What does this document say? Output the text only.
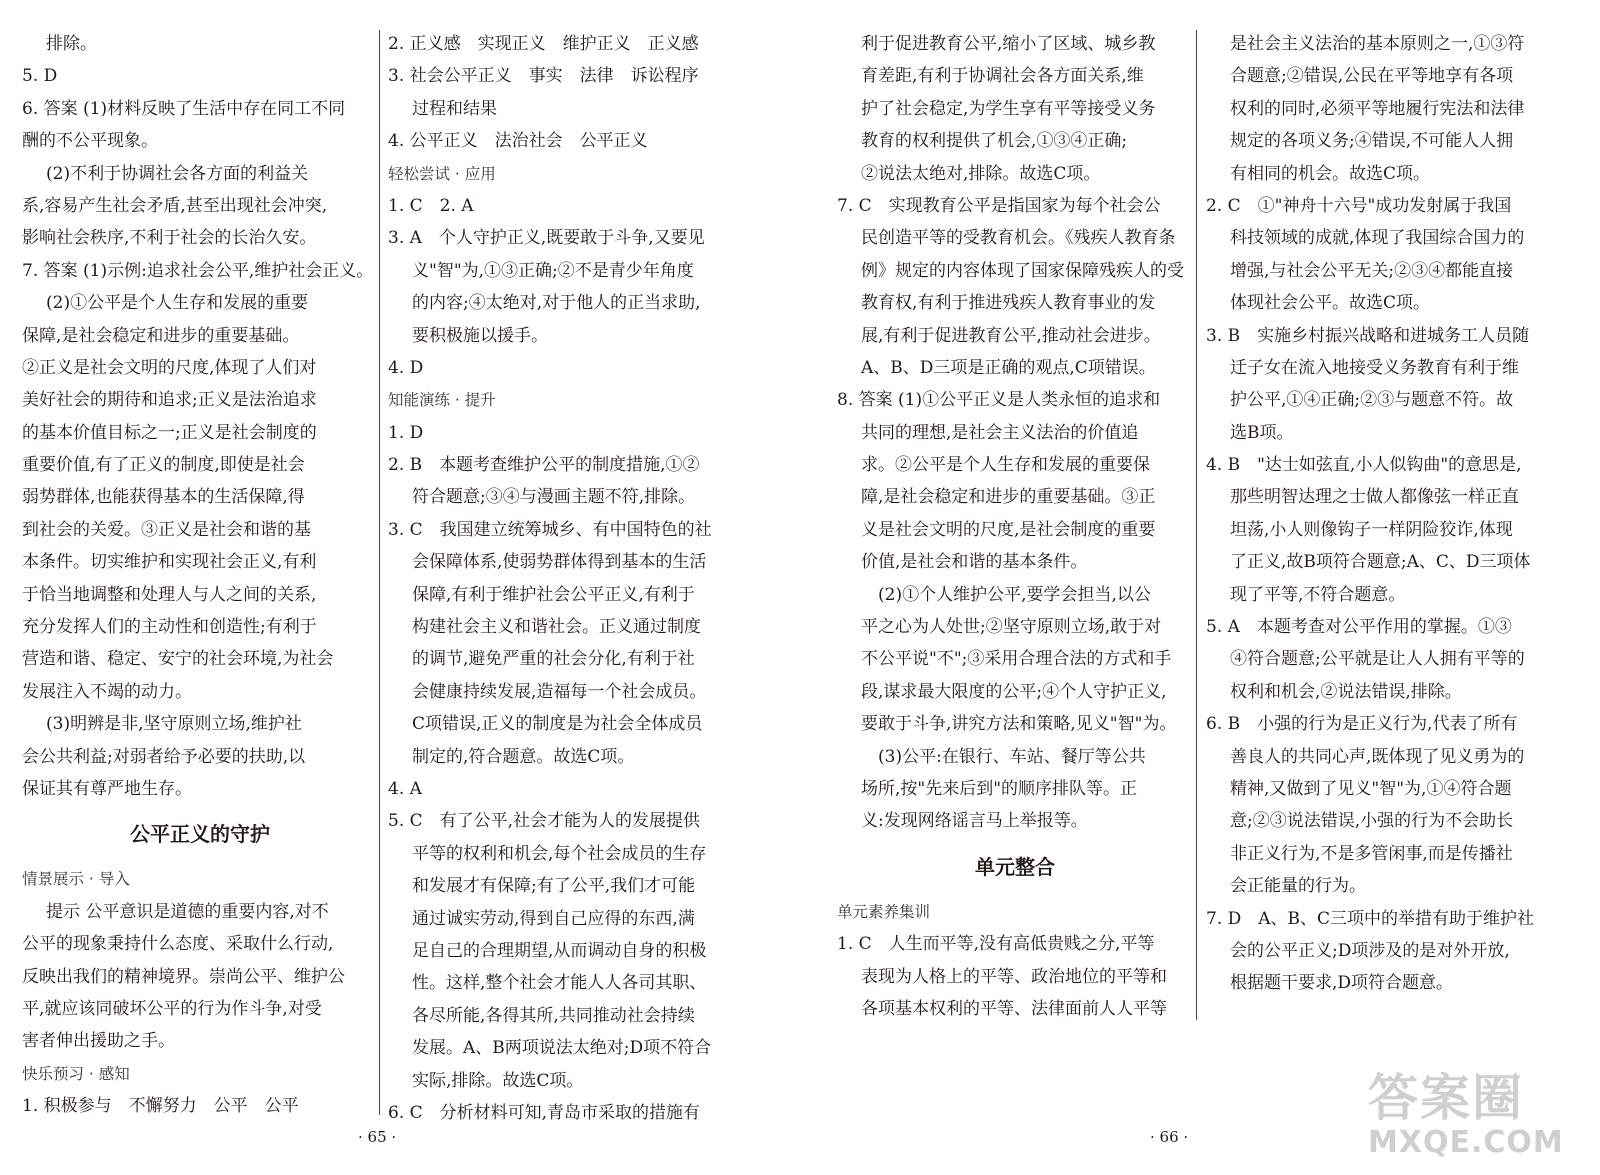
排除。
5. D
6. 答案 (1)材料反映了生活中存在同工不同
酬的不公平现象。
(2)不利于协调社会各方面的利益关
系,容易产生社会矛盾,甚至出现社会冲突,
影响社会秩序,不利于社会的长治久安。
7. 答案 (1)示例:追求社会公平,维护社会正义。
(2)①公平是个人生存和发展的重要
保障,是社会稳定和进步的重要基础。
②正义是社会文明的尺度,体现了人们对
美好社会的期待和追求;正义是法治追求
的基本价值目标之一;正义是社会制度的
重要价值,有了正义的制度,即使是社会
弱势群体,也能获得基本的生活保障,得
到社会的关爱。③正义是社会和谐的基
本条件。切实维护和实现社会正义,有利
于恰当地调整和处理人与人之间的关系,
充分发挥人们的主动性和创造性;有利于
营造和谐、稳定、安宁的社会环境,为社会
发展注入不竭的动力。
(3)明辨是非,坚守原则立场,维护社
会公共利益;对弱者给予必要的扶助,以
保证其有尊严地生存。
公平正义的守护
情景展示 · 导入
提示 公平意识是道德的重要内容,对不
公平的现象秉持什么态度、采取什么行动,
反映出我们的精神境界。崇尚公平、维护公
平,就应该同破坏公平的行为作斗争,对受
害者伸出援助之手。
快乐预习 · 感知
1. 积极参与　不懈努力　公平　公平
2. 正义感　实现正义　维护正义　正义感
3. 社会公平正义　事实　法律　诉讼程序
过程和结果
4. 公平正义　法治社会　公平正义
轻松尝试 · 应用
1. C　2. A
3. A　个人守护正义,既要敢于斗争,又要见
义"智"为,①③正确;②不是青少年角度
的内容;④太绝对,对于他人的正当求助,
要积极施以援手。
4. D
知能演练 · 提升
1. D
2. B　本题考查维护公平的制度措施,①②
符合题意;③④与漫画主题不符,排除。
3. C　我国建立统筹城乡、有中国特色的社
会保障体系,使弱势群体得到基本的生活
保障,有利于维护社会公平正义,有利于
构建社会主义和谐社会。正义通过制度
的调节,避免严重的社会分化,有利于社
会健康持续发展,造福每一个社会成员。
C项错误,正义的制度是为社会全体成员
制定的,符合题意。故选C项。
4. A
5. C　有了公平,社会才能为人的发展提供
平等的权利和机会,每个社会成员的生存
和发展才有保障;有了公平,我们才可能
通过诚实劳动,得到自己应得的东西,满
足自己的合理期望,从而调动自身的积极
性。这样,整个社会才能人人各司其职、
各尽所能,各得其所,共同推动社会持续
发展。A、B两项说法太绝对;D项不符合
实际,排除。故选C项。
6. C　分析材料可知,青岛市采取的措施有
利于促进教育公平,缩小了区域、城乡教
育差距,有利于协调社会各方面关系,维
护了社会稳定,为学生享有平等接受义务
教育的权利提供了机会,①③④正确;
②说法太绝对,排除。故选C项。
7. C　实现教育公平是指国家为每个社会公
民创造平等的受教育机会。《残疾人教育条
例》规定的内容体现了国家保障残疾人的受
教育权,有利于推进残疾人教育事业的发
展,有利于促进教育公平,推动社会进步。
A、B、D三项是正确的观点,C项错误。
8. 答案 (1)①公平正义是人类永恒的追求和
共同的理想,是社会主义法治的价值追
求。②公平是个人生存和发展的重要保
障,是社会稳定和进步的重要基础。③正
义是社会文明的尺度,是社会制度的重要
价值,是社会和谐的基本条件。
　(2)①个人维护公平,要学会担当,以公
平之心为人处世;②坚守原则立场,敢于对
不公平说"不";③采用合理合法的方式和手
段,谋求最大限度的公平;④个人守护正义,
要敢于斗争,讲究方法和策略,见义"智"为。
　(3)公平:在银行、车站、餐厅等公共
场所,按"先来后到"的顺序排队等。正
义:发现网络谣言马上举报等。
单元整合
单元素养集训
1. C　人生而平等,没有高低贵贱之分,平等
表现为人格上的平等、政治地位的平等和
各项基本权利的平等、法律面前人人平等
是社会主义法治的基本原则之一,①③符
合题意;②错误,公民在平等地享有各项
权利的同时,必须平等地履行宪法和法律
规定的各项义务;④错误,不可能人人拥
有相同的机会。故选C项。
2. C　①"神舟十六号"成功发射属于我国
科技领域的成就,体现了我国综合国力的
增强,与社会公平无关;②③④都能直接
体现社会公平。故选C项。
3. B　实施乡村振兴战略和进城务工人员随
迁子女在流入地接受义务教育有利于维
护公平,①④正确;②③与题意不符。故
选B项。
4. B　"达士如弦直,小人似钩曲"的意思是,
那些明智达理之士做人都像弦一样正直
坦荡,小人则像钩子一样阴险狡诈,体现
了正义,故B项符合题意;A、C、D三项体
现了平等,不符合题意。
5. A　本题考查对公平作用的掌握。①③
④符合题意;公平就是让人人拥有平等的
权利和机会,②说法错误,排除。
6. B　小强的行为是正义行为,代表了所有
善良人的共同心声,既体现了见义勇为的
精神,又做到了见义"智"为,①④符合题
意;②③说法错误,小强的行为不会助长
非正义行为,不是多管闲事,而是传播社
会正能量的行为。
7. D　A、B、C三项中的举措有助于维护社
会的公平正义;D项涉及的是对外开放,
根据题干要求,D项符合题意。
· 65 ·	· 66 ·
答案圈
MXQE.COM
